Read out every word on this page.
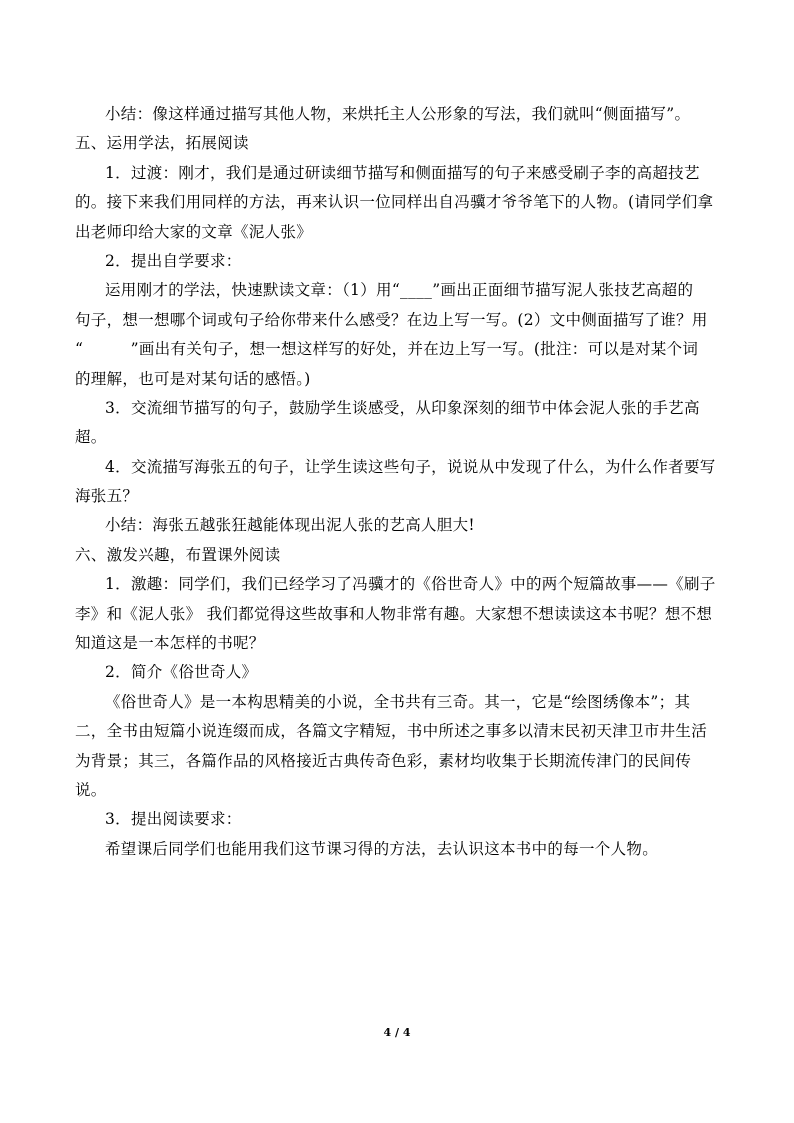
小结：像这样通过描写其他人物，来烘托主人公形象的写法，我们就叫“侧面描写”。
五、运用学法，拓展阅读
1．过渡：刚才，我们是通过研读细节描写和侧面描写的句子来感受刷子李的高超技艺
的。接下来我们用同样的方法，再来认识一位同样出自冯骥才爷爷笔下的人物。(请同学们拿
出老师印给大家的文章《泥人张》
2．提出自学要求：
运用刚才的学法，快速默读文章：（1）用“____”画出正面细节描写泥人张技艺高超的
句子，想一想哪个词或句子给你带来什么感受？在边上写一写。(2）文中侧面描写了谁？用
“　　　”画出有关句子，想一想这样写的好处，并在边上写一写。(批注：可以是对某个词
的理解，也可是对某句话的感悟。)
3．交流细节描写的句子，鼓励学生谈感受，从印象深刻的细节中体会泥人张的手艺高
超。
4．交流描写海张五的句子，让学生读这些句子，说说从中发现了什么，为什么作者要写
海张五？
小结：海张五越张狂越能体现出泥人张的艺高人胆大!
六、激发兴趣，布置课外阅读
1．激趣：同学们，我们已经学习了冯骥才的《俗世奇人》中的两个短篇故事——《刷子
李》和《泥人张》 我们都觉得这些故事和人物非常有趣。大家想不想读读这本书呢？想不想
知道这是一本怎样的书呢？
2．简介《俗世奇人》
《俗世奇人》是一本构思精美的小说，全书共有三奇。其一，它是“绘图绣像本”；其
二，全书由短篇小说连缀而成，各篇文字精短，书中所述之事多以清末民初天津卫市井生活
为背景；其三，各篇作品的风格接近古典传奇色彩，素材均收集于长期流传津门的民间传
说。
3．提出阅读要求：
希望课后同学们也能用我们这节课习得的方法，去认识这本书中的每一个人物。
4 / 4
